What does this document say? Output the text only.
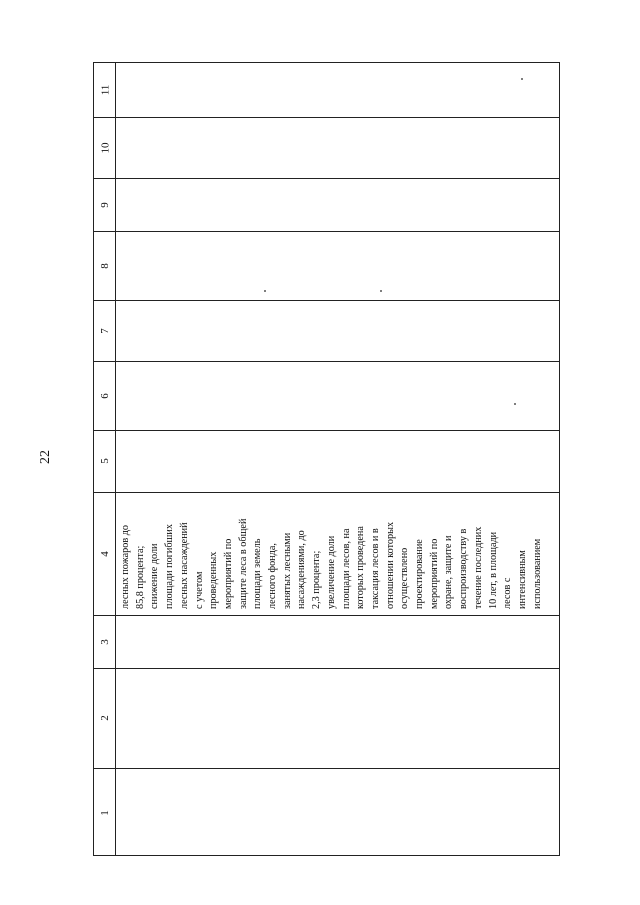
22
11
10
9
8
7
6
5
4
3
2
1
лесных пожаров до 85,8 процента; снижение доли площади погибших лесных насаждений с учетом проведенных мероприятий по защите леса в общей площади земель лесного фонда, занятых лесными насаждениями, до 2,3 процента; увеличение доли площади лесов, на которых проведена таксация лесов и в отношении которых осуществлено проектирование мероприятий по охране, защите и воспроизводству в течение последних 10 лет, в площади лесов с интенсивным использованием
